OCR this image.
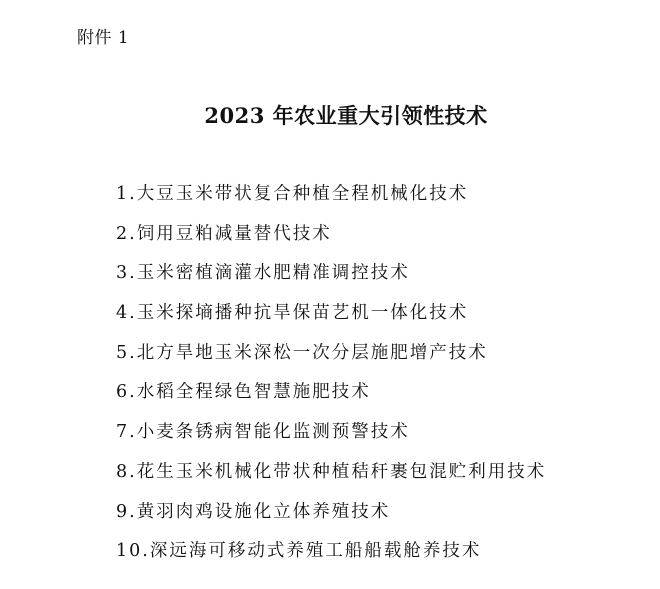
附件 1
2023 年农业重大引领性技术
1.大豆玉米带状复合种植全程机械化技术
2.饲用豆粕减量替代技术
3.玉米密植滴灌水肥精准调控技术
4.玉米探墒播种抗旱保苗艺机一体化技术
5.北方旱地玉米深松一次分层施肥增产技术
6.水稻全程绿色智慧施肥技术
7.小麦条锈病智能化监测预警技术
8.花生玉米机械化带状种植秸秆裹包混贮利用技术
9.黄羽肉鸡设施化立体养殖技术
10.深远海可移动式养殖工船船载舱养技术
